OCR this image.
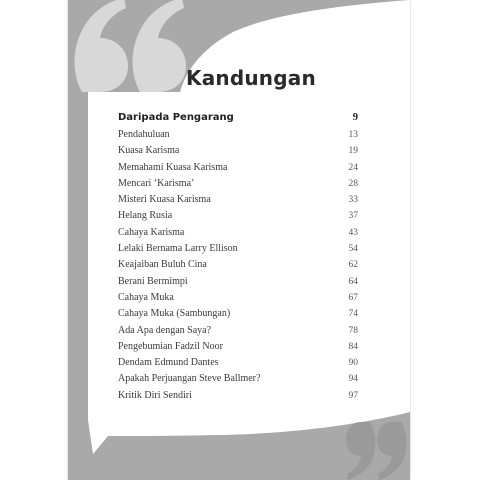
Kandungan
Daripada Pengarang	9
Pendahuluan	13
Kuasa Karisma	19
Memahami Kuasa Karisma	24
Mencari ‘Karisma’	28
Misteri Kuasa Karisma	33
Helang Rusia	37
Cahaya Karisma	43
Lelaki Bernama Larry Ellison	54
Keajaiban Buluh Cina	62
Berani Bermimpi	64
Cahaya Muka	67
Cahaya Muka (Sambungan)	74
Ada Apa dengan Saya?	78
Pengebumian Fadzil Noor	84
Dendam Edmund Dantes	90
Apakah Perjuangan Steve Ballmer?	94
Kritik Diri Sendiri	97
